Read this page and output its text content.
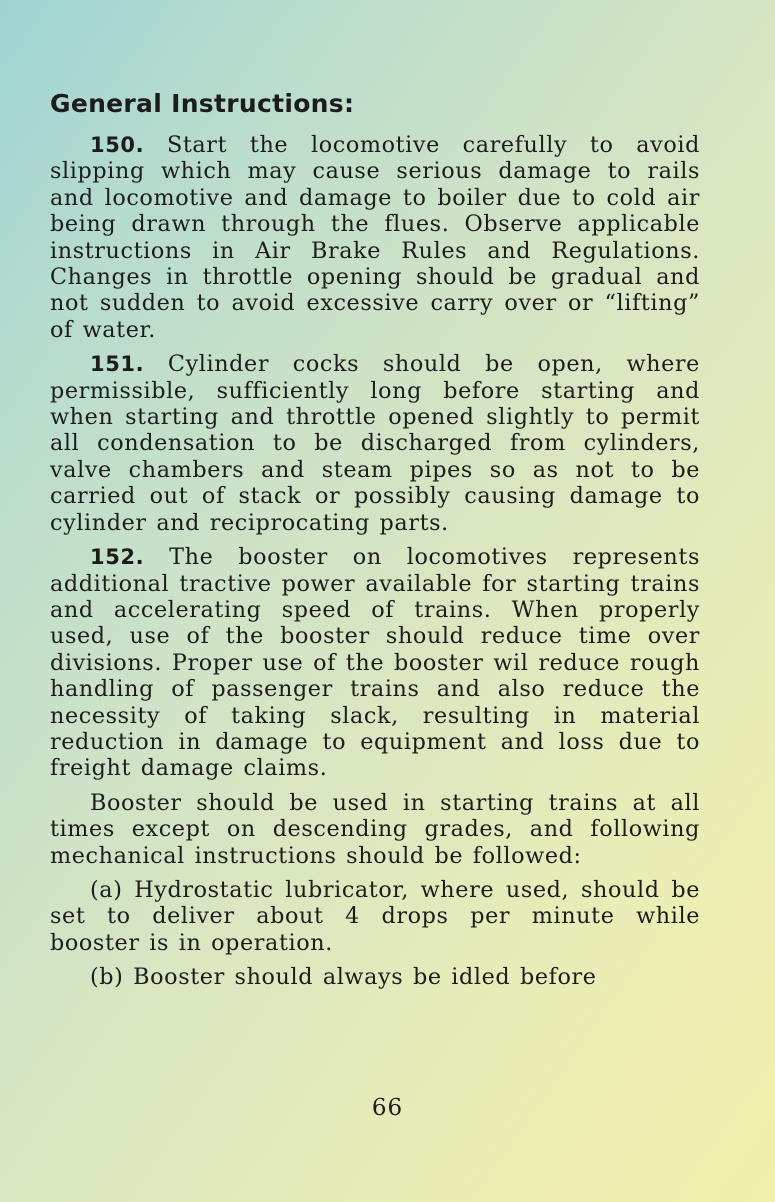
General Instructions:

150. Start the locomotive carefully to avoid slipping which may cause serious damage to rails and locomotive and damage to boiler due to cold air being drawn through the flues. Observe applicable instructions in Air Brake Rules and Regulations. Changes in throttle opening should be gradual and not sudden to avoid excessive carry over or “lifting” of water.

151. Cylinder cocks should be open, where permissible, sufficiently long before starting and when starting and throttle opened slightly to permit all condensation to be discharged from cylinders, valve chambers and steam pipes so as not to be carried out of stack or possibly causing damage to cylinder and reciprocating parts.

152. The booster on locomotives represents additional tractive power available for starting trains and accelerating speed of trains. When properly used, use of the booster should reduce time over divisions. Proper use of the booster wil reduce rough handling of passenger trains and also reduce the necessity of taking slack, resulting in material reduction in damage to equipment and loss due to freight damage claims.

Booster should be used in starting trains at all times except on descending grades, and following mechanical instructions should be followed:

(a) Hydrostatic lubricator, where used, should be set to deliver about 4 drops per minute while booster is in operation.

(b) Booster should always be idled before

66
